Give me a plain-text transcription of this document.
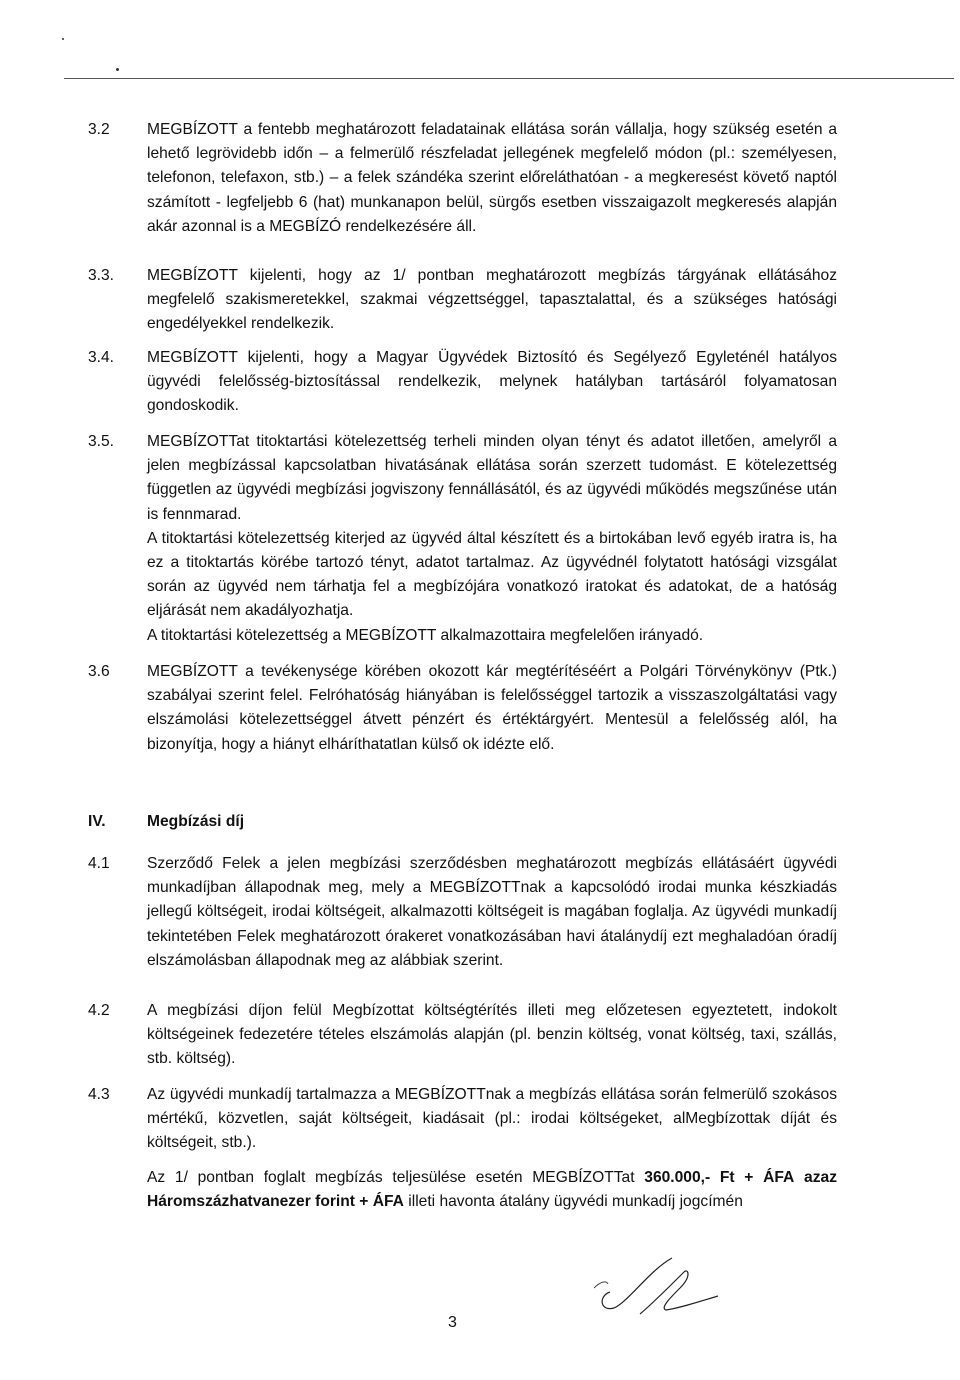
3.2 MEGBÍZOTT a fentebb meghatározott feladatainak ellátása során vállalja, hogy szükség esetén a lehető legrövidebb időn – a felmerülő részfeladat jellegének megfelelő módon (pl.: személyesen, telefonon, telefaxon, stb.) – a felek szándéka szerint előreláthatóan - a megkeresést követő naptól számított - legfeljebb 6 (hat) munkanapon belül, sürgős esetben visszaigazolt megkeresés alapján akár azonnal is a MEGBÍZÓ rendelkezésére áll.

3.3. MEGBÍZOTT kijelenti, hogy az 1/ pontban meghatározott megbízás tárgyának ellátásához megfelelő szakismeretekkel, szakmai végzettséggel, tapasztalattal, és a szükséges hatósági engedélyekkel rendelkezik.

3.4. MEGBÍZOTT kijelenti, hogy a Magyar Ügyvédek Biztosító és Segélyező Egyleténél hatályos ügyvédi felelősség-biztosítással rendelkezik, melynek hatályban tartásáról folyamatosan gondoskodik.

3.5. MEGBÍZOTTat titoktartási kötelezettség terheli minden olyan tényt és adatot illetően, amelyről a jelen megbízással kapcsolatban hivatásának ellátása során szerzett tudomást. E kötelezettség független az ügyvédi megbízási jogviszony fennállásától, és az ügyvédi működés megszűnése után is fennmarad.

A titoktartási kötelezettség kiterjed az ügyvéd által készített és a birtokában levő egyéb iratra is, ha ez a titoktartás körébe tartozó tényt, adatot tartalmaz. Az ügyvédnél folytatott hatósági vizsgálat során az ügyvéd nem tárhatja fel a megbízójára vonatkozó iratokat és adatokat, de a hatóság eljárását nem akadályozhatja.

A titoktartási kötelezettség a MEGBÍZOTT alkalmazottaira megfelelően irányadó.

3.6 MEGBÍZOTT a tevékenysége körében okozott kár megtérítéséért a Polgári Törvénykönyv (Ptk.) szabályai szerint felel. Felróhatóság hiányában is felelősséggel tartozik a visszaszolgáltatási vagy elszámolási kötelezettséggel átvett pénzért és értéktárgyért. Mentesül a felelősség alól, ha bizonyítja, hogy a hiányt elháríthatatlan külső ok idézte elő.

IV.	Megbízási díj
4.1 Szerződő Felek a jelen megbízási szerződésben meghatározott megbízás ellátásáért ügyvédi munkadíjban állapodnak meg, mely a MEGBÍZOTTnak a kapcsolódó irodai munka készkiadás jellegű költségeit, irodai költségeit, alkalmazotti költségeit is magában foglalja. Az ügyvédi munkadíj tekintetében Felek meghatározott órakeret vonatkozásában havi átalánydíj ezt meghaladóan óradíj elszámolásban állapodnak meg az alábbiak szerint.

4.2 A megbízási díjon felül Megbízottat költségtérítés illeti meg előzetesen egyeztetett, indokolt költségeinek fedezetére tételes elszámolás alapján (pl. benzin költség, vonat költség, taxi, szállás, stb. költség).

4.3 Az ügyvédi munkadíj tartalmazza a MEGBÍZOTTnak a megbízás ellátása során felmerülő szokásos mértékű, közvetlen, saját költségeit, kiadásait (pl.: irodai költségeket, alMegbízottak díját és költségeit, stb.).

Az 1/ pontban foglalt megbízás teljesülése esetén MEGBÍZOTTat 360.000,- Ft + ÁFA azaz Háromszázhatvanezer forint + ÁFA illeti havonta átalány ügyvédi munkadíj jogcímén

3
